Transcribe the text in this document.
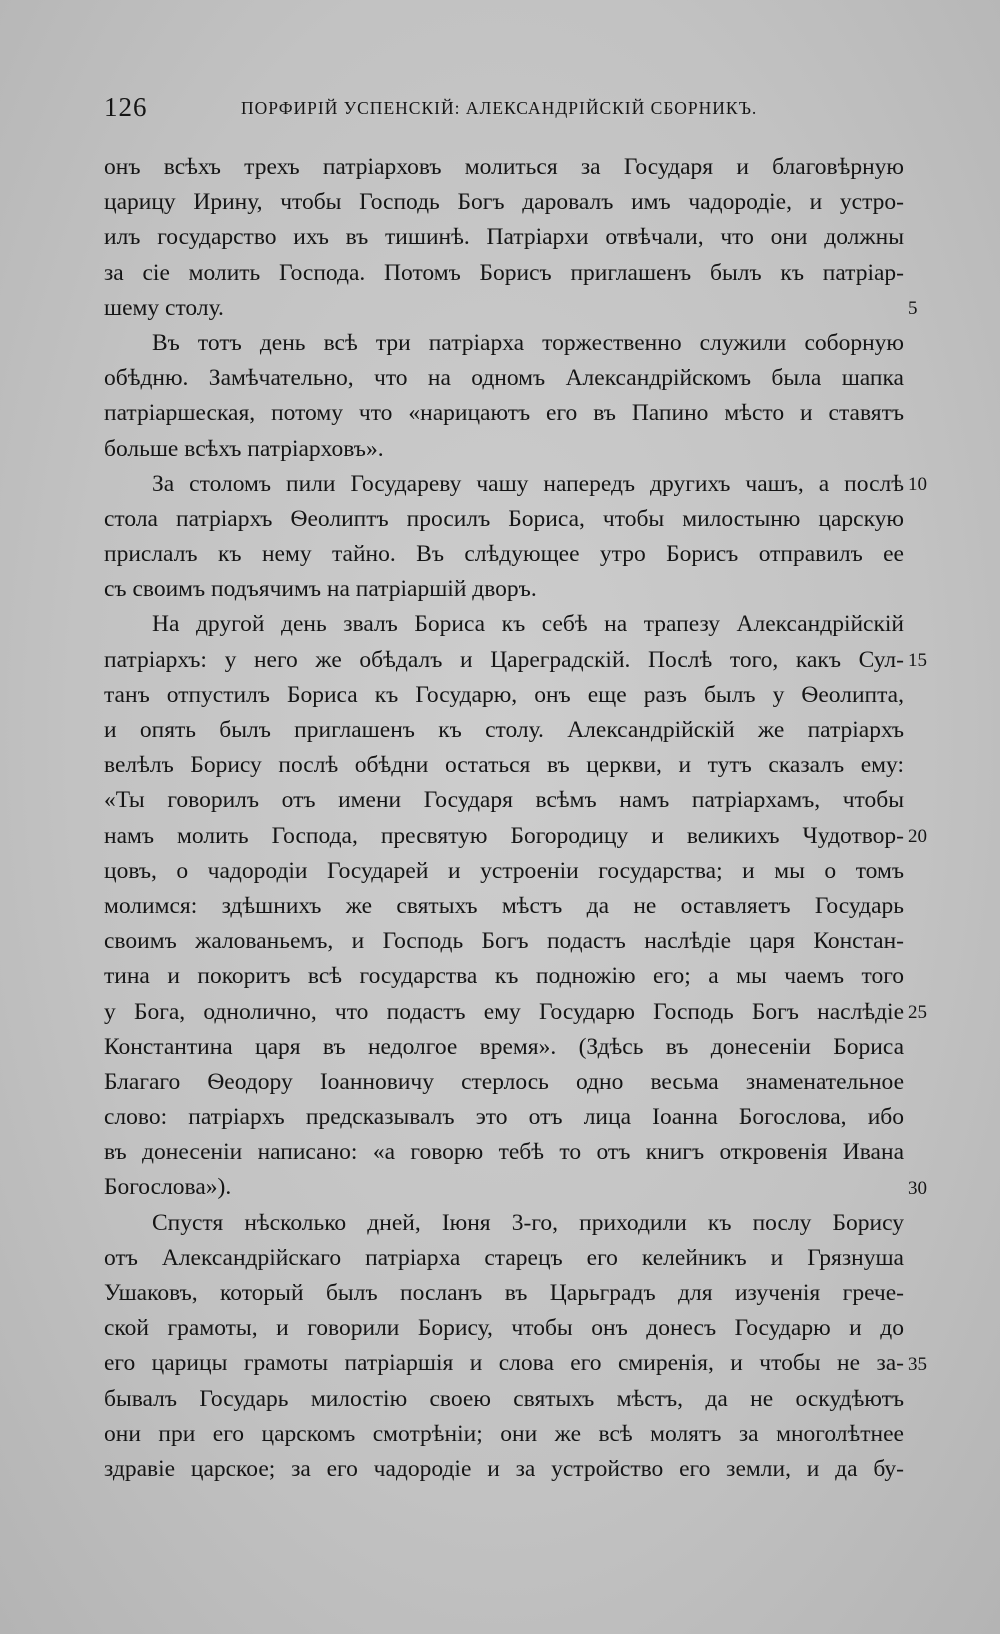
126	ПОРФИРІЙ УСПЕНСКІЙ: АЛЕКСАНДРІЙСКІЙ СБОРНИКЪ.
онъ всѣхъ трехъ патріарховъ молиться за Государя и благовѣрную
царицу Ирину, чтобы Господь Богъ даровалъ имъ чадородіе, и устро-
илъ государство ихъ въ тишинѣ. Патріархи отвѣчали, что они должны
за сіе молить Господа. Потомъ Борисъ приглашенъ былъ къ патріар-
шему столу.
Въ тотъ день всѣ три патріарха торжественно служили соборную
обѣдню. Замѣчательно, что на одномъ Александрійскомъ была шапка
патріаршеская, потому что «нарицаютъ его въ Папино мѣсто и ставятъ
больше всѣхъ патріарховъ».
За столомъ пили Государеву чашу напередъ другихъ чашъ, а послѣ
стола патріархъ Ѳеолиптъ просилъ Бориса, чтобы милостыню царскую
прислалъ къ нему тайно. Въ слѣдующее утро Борисъ отправилъ ее
съ своимъ подъячимъ на патріаршій дворъ.
На другой день звалъ Бориса къ себѣ на трапезу Александрійскій
патріархъ: у него же обѣдалъ и Цареградскій. Послѣ того, какъ Сул-
танъ отпустилъ Бориса къ Государю, онъ еще разъ былъ у Ѳеолипта,
и опять былъ приглашенъ къ столу. Александрійскій же патріархъ
велѣлъ Борису послѣ обѣдни остаться въ церкви, и тутъ сказалъ ему:
«Ты говорилъ отъ имени Государя всѣмъ намъ патріархамъ, чтобы
намъ молить Господа, пресвятую Богородицу и великихъ Чудотвор-
цовъ, о чадородіи Государей и устроеніи государства; и мы о томъ
молимся: здѣшнихъ же святыхъ мѣстъ да не оставляетъ Государь
своимъ жалованьемъ, и Господь Богъ подастъ наслѣдіе царя Констан-
тина и покоритъ всѣ государства къ подножію его; а мы чаемъ того
у Бога, однолично, что подастъ ему Государю Господь Богъ наслѣдіе
Константина царя въ недолгое время». (Здѣсь въ донесеніи Бориса
Благаго Ѳеодору Іоанновичу стерлось одно весьма знаменательное
слово: патріархъ предсказывалъ это отъ лица Іоанна Богослова, ибо
въ донесеніи написано: «а говорю тебѣ то отъ книгъ откровенія Ивана
Богослова»).
Спустя нѣсколько дней, Іюня 3-го, приходили къ послу Борису
отъ Александрійскаго патріарха старецъ его келейникъ и Грязнуша
Ушаковъ, который былъ посланъ въ Царьградъ для изученія грече-
ской грамоты, и говорили Борису, чтобы онъ донесъ Государю и до
его царицы грамоты патріаршія и слова его смиренія, и чтобы не за-
бывалъ Государь милостію своею святыхъ мѣстъ, да не оскудѣютъ
они при его царскомъ смотрѣніи; они же всѣ молятъ за многолѣтнее
здравіе царское; за его чадородіе и за устройство его земли, и да бу-
5
10
15
20
25
30
35
